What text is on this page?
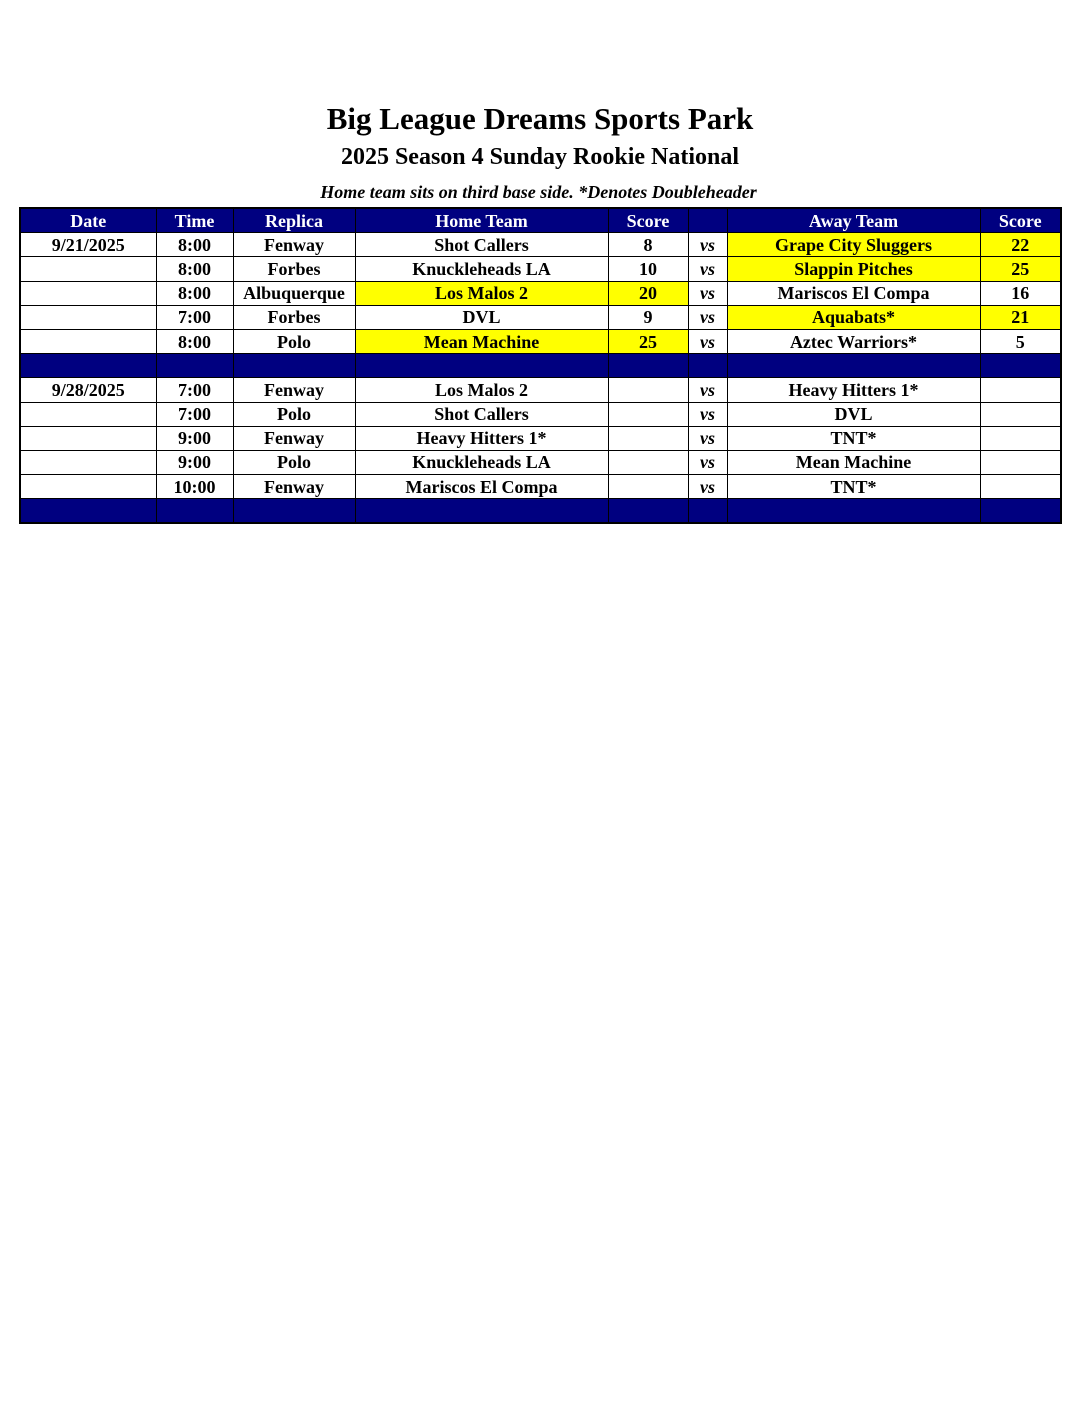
Big League Dreams Sports Park
2025 Season 4 Sunday Rookie National
Home team sits on third base side. *Denotes Doubleheader
Date	Time	Replica	Home Team	Score		Away Team	Score
9/21/2025	8:00	Fenway	Shot Callers	8	vs	Grape City Sluggers	22
	8:00	Forbes	Knuckleheads LA	10	vs	Slappin Pitches	25
	8:00	Albuquerque	Los Malos 2	20	vs	Mariscos El Compa	16
	7:00	Forbes	DVL	9	vs	Aquabats*	21
	8:00	Polo	Mean Machine	25	vs	Aztec Warriors*	5

9/28/2025	7:00	Fenway	Los Malos 2		vs	Heavy Hitters 1*	
	7:00	Polo	Shot Callers		vs	DVL	
	9:00	Fenway	Heavy Hitters 1*		vs	TNT*	
	9:00	Polo	Knuckleheads LA		vs	Mean Machine	
	10:00	Fenway	Mariscos El Compa		vs	TNT*	
